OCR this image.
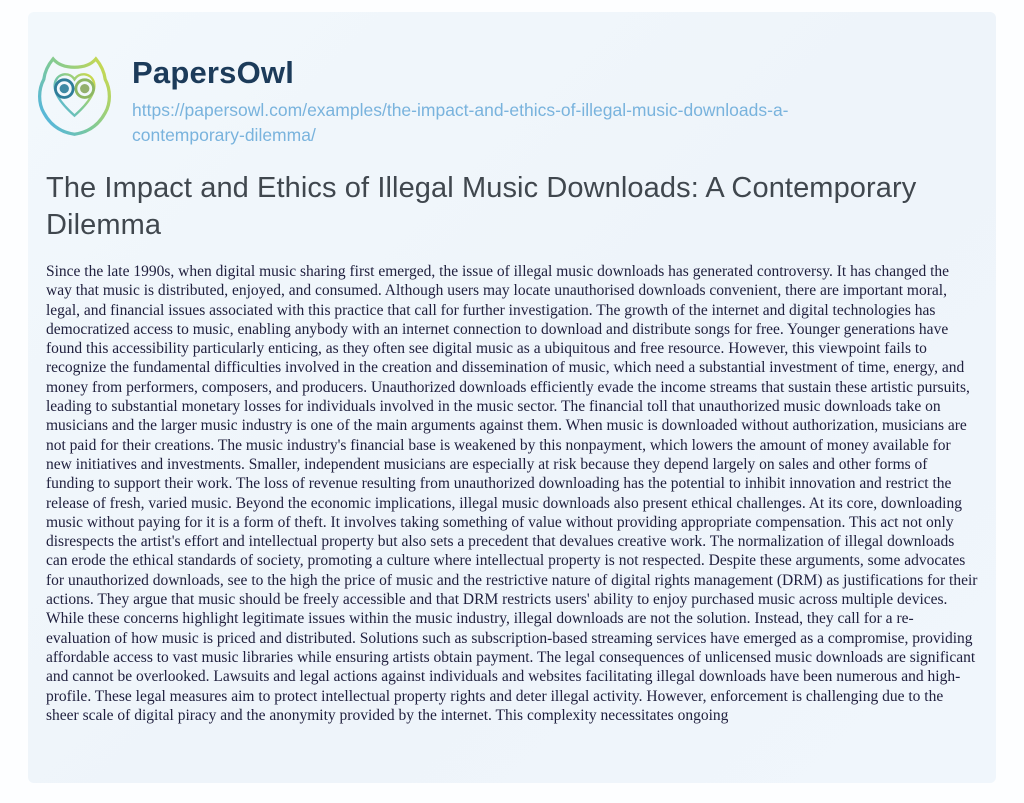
PapersOwl
https://papersowl.com/examples/the-impact-and-ethics-of-illegal-music-downloads-a-contemporary-dilemma/
The Impact and Ethics of Illegal Music Downloads: A Contemporary Dilemma

Since the late 1990s, when digital music sharing first emerged, the issue of illegal music downloads has generated controversy. It has changed the way that music is distributed, enjoyed, and consumed. Although users may locate unauthorised downloads convenient, there are important moral, legal, and financial issues associated with this practice that call for further investigation. The growth of the internet and digital technologies has democratized access to music, enabling anybody with an internet connection to download and distribute songs for free. Younger generations have found this accessibility particularly enticing, as they often see digital music as a ubiquitous and free resource. However, this viewpoint fails to recognize the fundamental difficulties involved in the creation and dissemination of music, which need a substantial investment of time, energy, and money from performers, composers, and producers. Unauthorized downloads efficiently evade the income streams that sustain these artistic pursuits, leading to substantial monetary losses for individuals involved in the music sector. The financial toll that unauthorized music downloads take on musicians and the larger music industry is one of the main arguments against them. When music is downloaded without authorization, musicians are not paid for their creations. The music industry's financial base is weakened by this nonpayment, which lowers the amount of money available for new initiatives and investments. Smaller, independent musicians are especially at risk because they depend largely on sales and other forms of funding to support their work. The loss of revenue resulting from unauthorized downloading has the potential to inhibit innovation and restrict the release of fresh, varied music. Beyond the economic implications, illegal music downloads also present ethical challenges. At its core, downloading music without paying for it is a form of theft. It involves taking something of value without providing appropriate compensation. This act not only disrespects the artist's effort and intellectual property but also sets a precedent that devalues creative work. The normalization of illegal downloads can erode the ethical standards of society, promoting a culture where intellectual property is not respected. Despite these arguments, some advocates for unauthorized downloads, see to the high the price of music and the restrictive nature of digital rights management (DRM) as justifications for their actions. They argue that music should be freely accessible and that DRM restricts users' ability to enjoy purchased music across multiple devices. While these concerns highlight legitimate issues within the music industry, illegal downloads are not the solution. Instead, they call for a re-evaluation of how music is priced and distributed. Solutions such as subscription-based streaming services have emerged as a compromise, providing affordable access to vast music libraries while ensuring artists obtain payment. The legal consequences of unlicensed music downloads are significant and cannot be overlooked. Lawsuits and legal actions against individuals and websites facilitating illegal downloads have been numerous and high-profile. These legal measures aim to protect intellectual property rights and deter illegal activity. However, enforcement is challenging due to the sheer scale of digital piracy and the anonymity provided by the internet. This complexity necessitates ongoing
